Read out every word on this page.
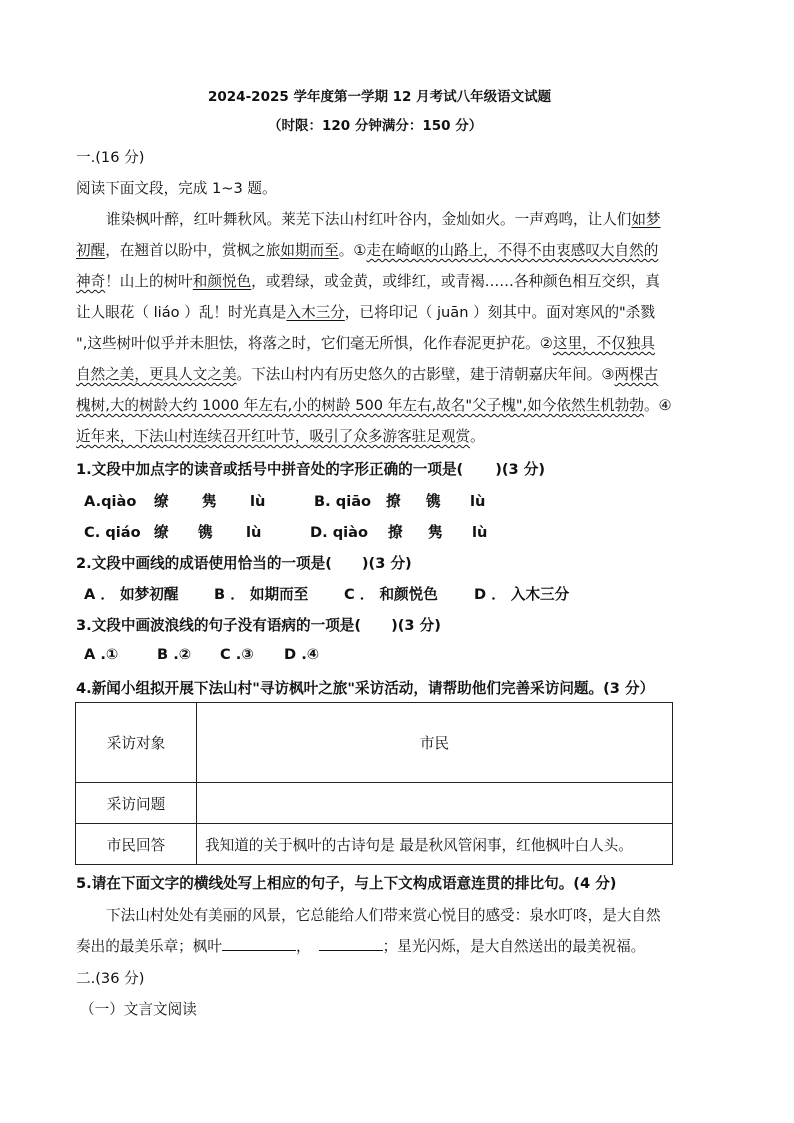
2024-2025 学年度第一学期 12 月考试八年级语文试题
（时限：120 分钟满分：150 分）
一.(16 分)
阅读下面文段，完成 1~3 题。
谁染枫叶醉，红叶舞秋风。莱芜下法山村红叶谷内，金灿如火。一声鸡鸣，让人们如梦
初醒，在翘首以盼中，赏枫之旅如期而至。①走在崎岖的山路上，不得不由衷感叹大自然的
神奇！山上的树叶和颜悦色，或碧绿，或金黄，或绯红，或青褐……各种颜色相互交织，真
让人眼花（ liáo ）乱！时光真是入木三分，已将印记（ juān ）刻其中。面对寒风的"杀戮
",这些树叶似乎并未胆怯，将落之时，它们毫无所惧，化作春泥更护花。②这里，不仅独具
自然之美，更具人文之美。下法山村内有历史悠久的古影壁，建于清朝嘉庆年间。③两棵古
槐树,大的树龄大约 1000 年左右,小的树龄 500 年左右,故名"父子槐",如今依然生机勃勃。④
近年来，下法山村连续召开红叶节，吸引了众多游客驻足观赏。
1.文段中加点字的读音或括号中拼音处的字形正确的一项是( )(3 分)
A.qiào 缭 隽 lù	B. qiāo 撩 镌 lù
C. qiáo 缭 镌 lù	D. qiào 撩 隽 lù
2.文段中画线的成语使用恰当的一项是( )(3 分)
A ． 如梦初醒 B ． 如期而至 C ． 和颜悦色 D ． 入木三分
3.文段中画波浪线的句子没有语病的一项是( )(3 分)
A .①	B .② C .③ D .④
4.新闻小组拟开展下法山村"寻访枫叶之旅"采访活动，请帮助他们完善采访问题。(3 分）
采访对象	市民
采访问题	
市民回答	我知道的关于枫叶的古诗句是 最是秋风管闲事，红他枫叶白人头。
5.请在下面文字的横线处写上相应的句子，与上下文构成语意连贯的排比句。(4 分)
下法山村处处有美丽的风景，它总能给人们带来赏心悦目的感受：泉水叮咚，是大自然
奏出的最美乐章；枫叶	，	；星光闪烁，是大自然送出的最美祝福。
二.(36 分)
（一）文言文阅读
